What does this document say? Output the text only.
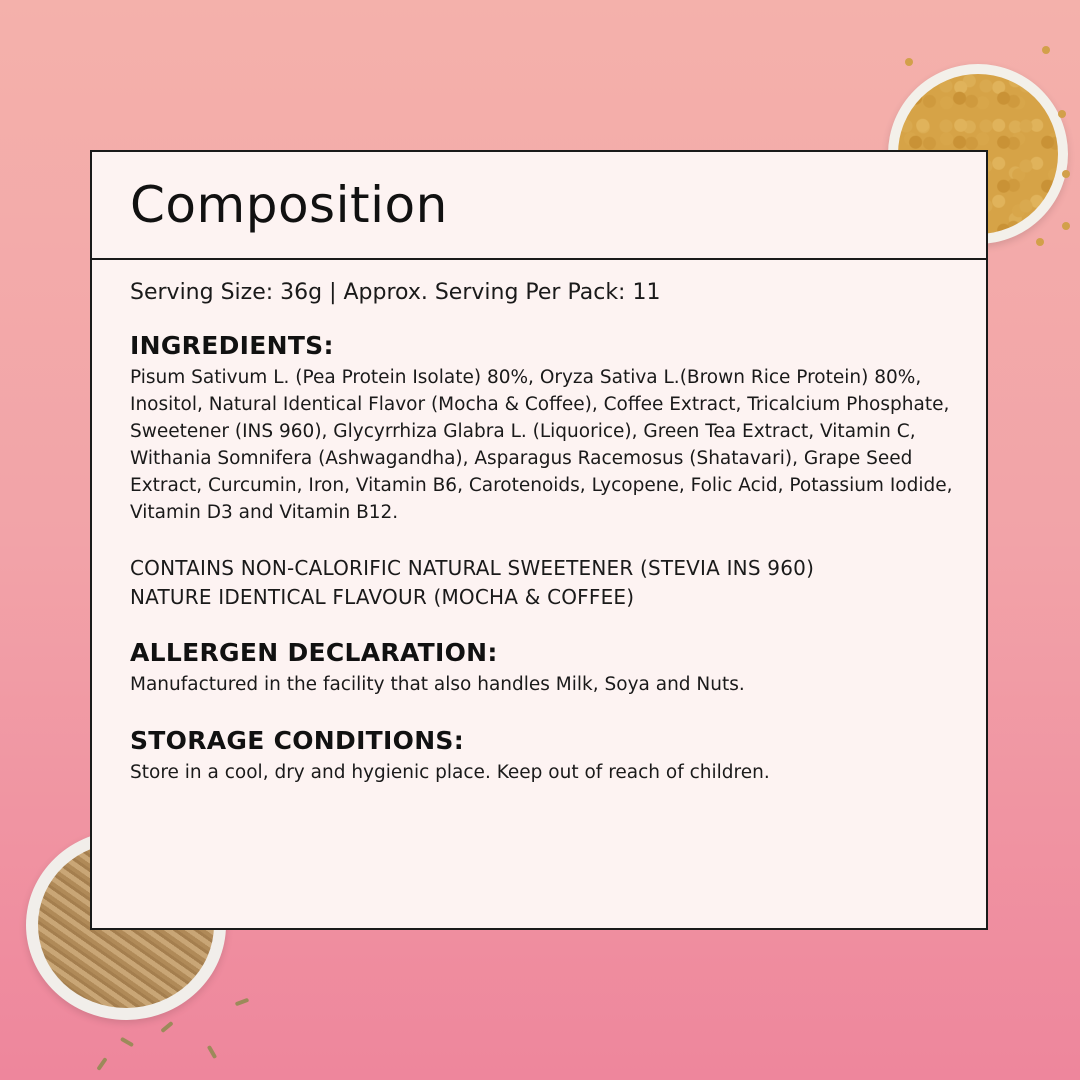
Composition

Serving Size: 36g | Approx. Serving Per Pack: 11

INGREDIENTS:

Pisum Sativum L. (Pea Protein Isolate) 80%, Oryza Sativa L.(Brown Rice Protein) 80%, Inositol, Natural Identical Flavor (Mocha & Coffee), Coffee Extract, Tricalcium Phosphate, Sweetener (INS 960), Glycyrrhiza Glabra L. (Liquorice), Green Tea Extract, Vitamin C, Withania Somnifera (Ashwagandha), Asparagus Racemosus (Shatavari), Grape Seed Extract, Curcumin, Iron, Vitamin B6, Carotenoids, Lycopene, Folic Acid, Potassium Iodide, Vitamin D3 and Vitamin B12.

CONTAINS NON-CALORIFIC NATURAL SWEETENER (STEVIA INS 960)

NATURE IDENTICAL FLAVOUR (MOCHA & COFFEE)

ALLERGEN DECLARATION:

Manufactured in the facility that also handles Milk, Soya and Nuts.

STORAGE CONDITIONS:

Store in a cool, dry and hygienic place. Keep out of reach of children.
